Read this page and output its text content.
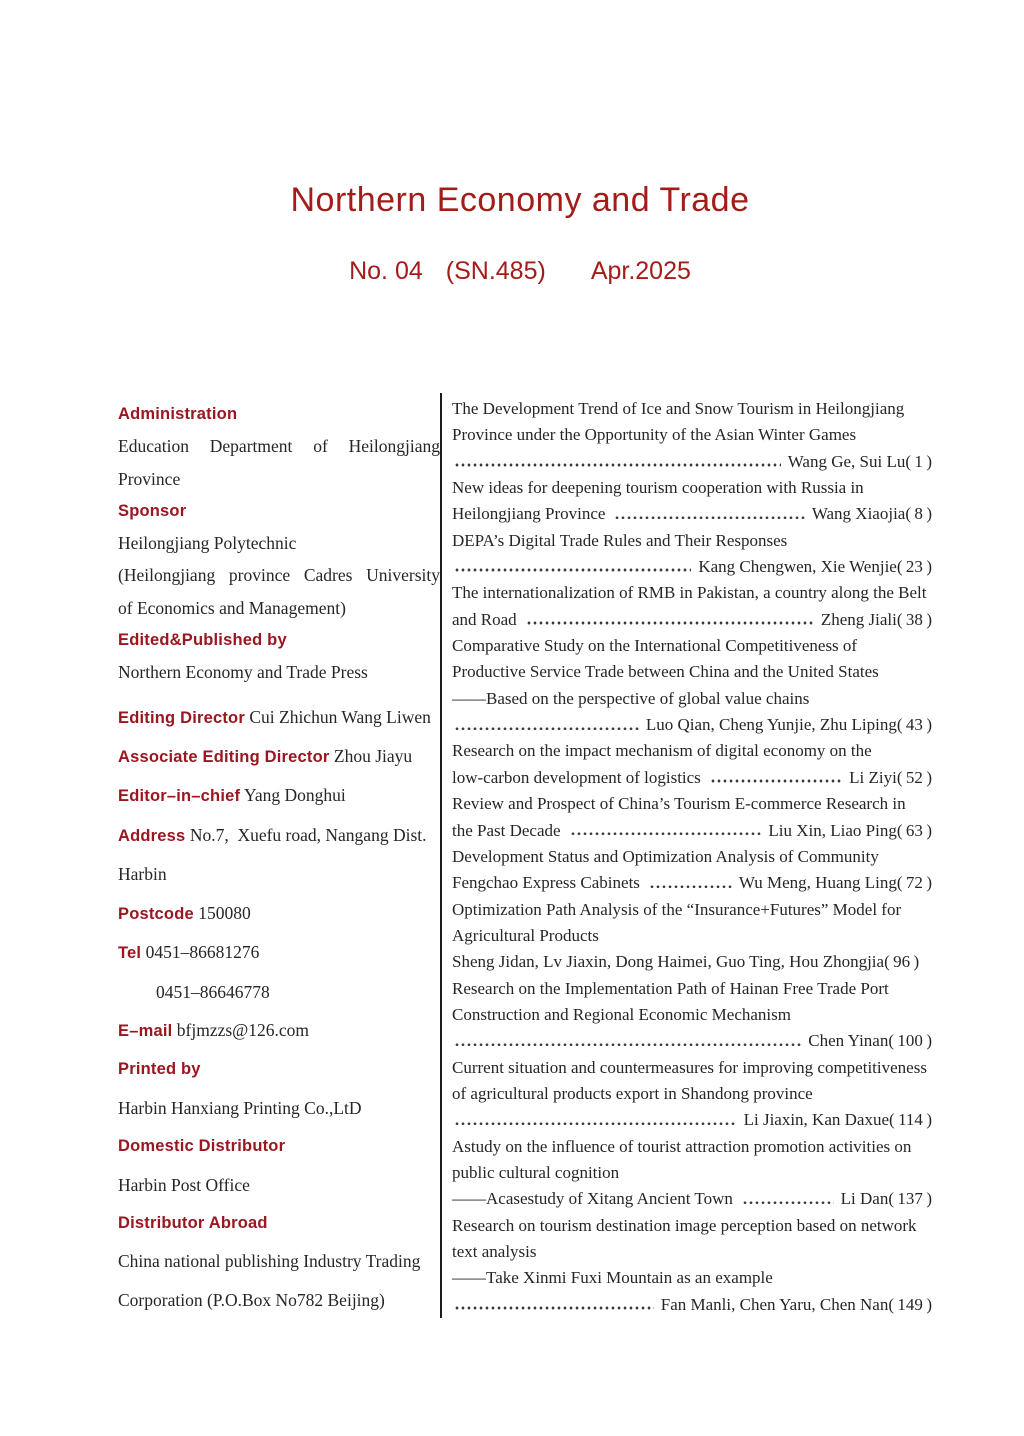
Northern Economy and Trade
No. 04 (SN.485) Apr.2025
Administration
Education Department of Heilongjiang
Province
Sponsor
Heilongjiang Polytechnic
(Heilongjiang province Cadres University
of Economics and Management)
Edited&Published by
Northern Economy and Trade Press
Editing Director Cui Zhichun Wang Liwen
Associate Editing Director Zhou Jiayu
Editor–in–chief Yang Donghui
Address No.7,  Xuefu road, Nangang Dist.
Harbin
Postcode 150080
Tel 0451–86681276
0451–86646778
E–mail bfjmzzs@126.com
Printed by
Harbin Hanxiang Printing Co.,LtD
Domestic Distributor
Harbin Post Office
Distributor Abroad
China national publishing Industry Trading
Corporation (P.O.Box No782 Beijing)
The Development Trend of Ice and Snow Tourism in Heilongjiang
Province under the Opportunity of the Asian Winter Games
Wang Ge, Sui Lu ( 1 )
New ideas for deepening tourism cooperation with Russia in
Heilongjiang Province	Wang Xiaojia ( 8 )
DEPA’s Digital Trade Rules and Their Responses
Kang Chengwen, Xie Wenjie ( 23 )
The internationalization of RMB in Pakistan, a country along the Belt
and Road	Zheng Jiali ( 38 )
Comparative Study on the International Competitiveness of
Productive Service Trade between China and the United States
——Based on the perspective of global value chains
Luo Qian, Cheng Yunjie, Zhu Liping ( 43 )
Research on the impact mechanism of digital economy on the
low-carbon development of logistics	Li Ziyi ( 52 )
Review and Prospect of China’s Tourism E-commerce Research in
the Past Decade	Liu Xin, Liao Ping ( 63 )
Development Status and Optimization Analysis of Community
Fengchao Express Cabinets	Wu Meng, Huang Ling ( 72 )
Optimization Path Analysis of the “Insurance+Futures” Model for
Agricultural Products
Sheng Jidan, Lv Jiaxin, Dong Haimei, Guo Ting, Hou Zhongjia( 96 )
Research on the Implementation Path of Hainan Free Trade Port
Construction and Regional Economic Mechanism
Chen Yinan ( 100 )
Current situation and countermeasures for improving competitiveness
of agricultural products export in Shandong province
Li Jiaxin, Kan Daxue ( 114 )
Astudy on the influence of tourist attraction promotion activities on
public cultural cognition
——Acasestudy of Xitang Ancient Town	Li Dan ( 137 )
Research on tourism destination image perception based on network
text analysis
——Take Xinmi Fuxi Mountain as an example
Fan Manli, Chen Yaru, Chen Nan ( 149 )
